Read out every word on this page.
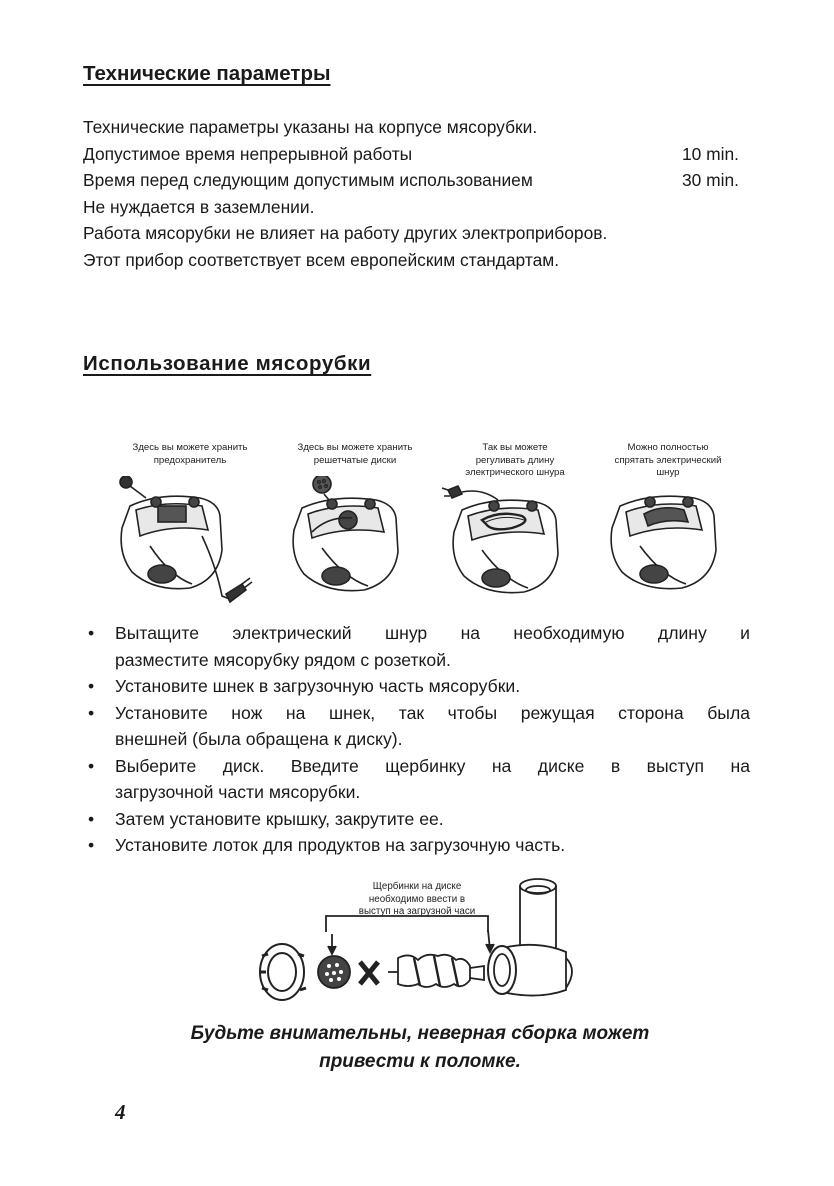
Технические параметры
Технические параметры указаны на корпусе мясорубки.
Допустимое время непрерывной работы	10 min.
Время перед следующим допустимым использованием	30 min.
Не нуждается в заземлении.
Работа мясорубки не влияет на работу других электроприборов.
Этот прибор соответствует всем европейским стандартам.
Использование мясорубки
Здесь вы можете хранить
предохранитель
Здесь вы можете хранить
решетчатые диски
Так вы можете
регуливать длину
электрического шнура
Можно полностью
спрятать электрический
шнур
• Вытащите электрический шнур на необходимую длину и
разместите мясорубку рядом с розеткой.
• Установите шнек в загрузочную часть мясорубки.
• Установите нож на шнек, так чтобы режущая сторона была
внешней (была обращена к диску).
• Выберите диск. Введите щербинку на диске в выступ на
загрузочной части мясорубки.
• Затем установите крышку, закрутите ее.
• Установите лоток для продуктов на загрузочную часть.
Щербинки на диске
необходимо ввести в
выступ на загрузной часи
Будьте внимательны, неверная сборка может
привести к поломке.
4
